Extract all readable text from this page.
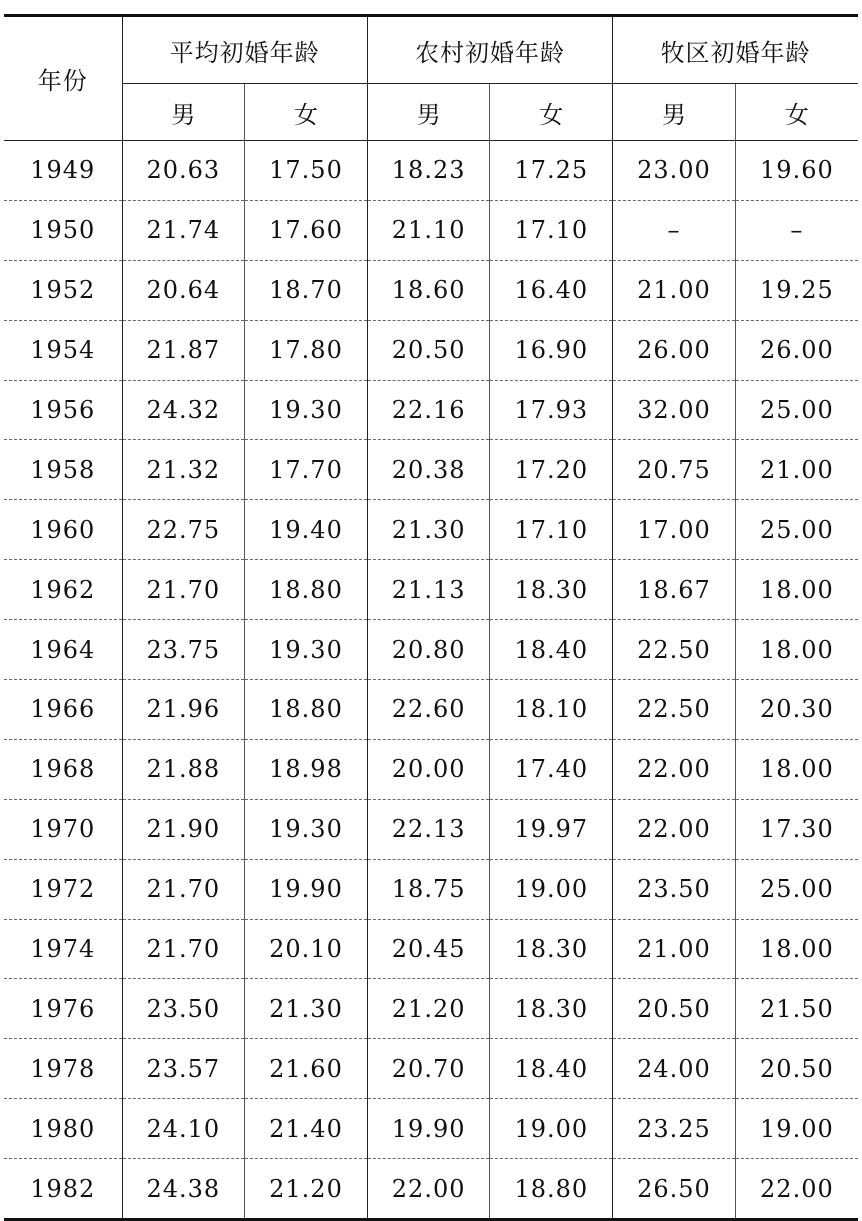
年份	平均初婚年龄		农村初婚年龄		牧区初婚年龄	
	男	女	男	女	男	女
1949	20.63	17.50	18.23	17.25	23.00	19.60
1950	21.74	17.60	21.10	17.10	–	–
1952	20.64	18.70	18.60	16.40	21.00	19.25
1954	21.87	17.80	20.50	16.90	26.00	26.00
1956	24.32	19.30	22.16	17.93	32.00	25.00
1958	21.32	17.70	20.38	17.20	20.75	21.00
1960	22.75	19.40	21.30	17.10	17.00	25.00
1962	21.70	18.80	21.13	18.30	18.67	18.00
1964	23.75	19.30	20.80	18.40	22.50	18.00
1966	21.96	18.80	22.60	18.10	22.50	20.30
1968	21.88	18.98	20.00	17.40	22.00	18.00
1970	21.90	19.30	22.13	19.97	22.00	17.30
1972	21.70	19.90	18.75	19.00	23.50	25.00
1974	21.70	20.10	20.45	18.30	21.00	18.00
1976	23.50	21.30	21.20	18.30	20.50	21.50
1978	23.57	21.60	20.70	18.40	24.00	20.50
1980	24.10	21.40	19.90	19.00	23.25	19.00
1982	24.38	21.20	22.00	18.80	26.50	22.00
